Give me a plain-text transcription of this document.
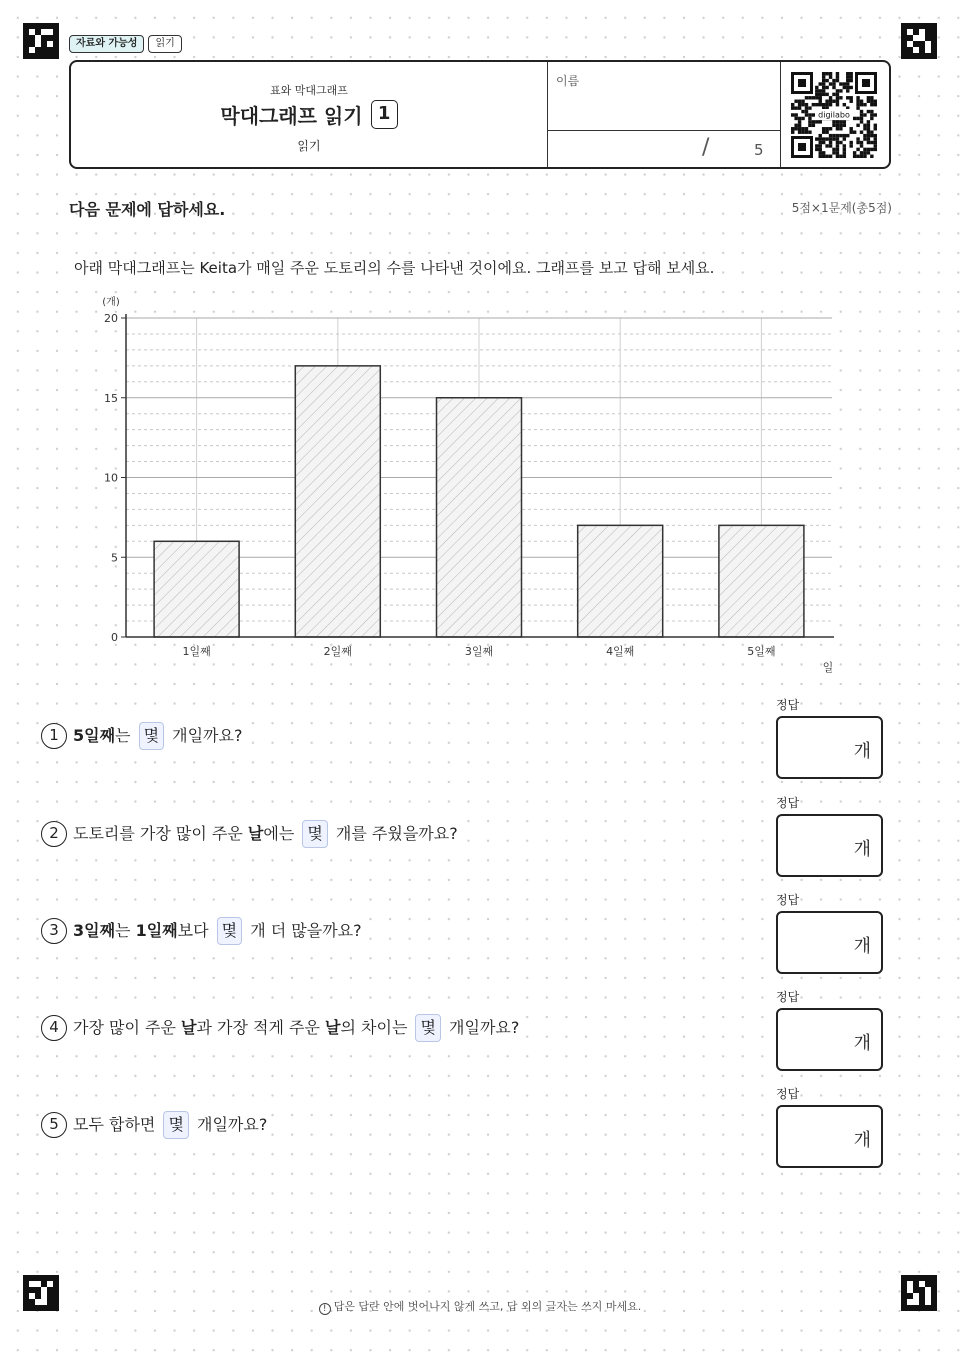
자료와 가능성	읽기
표와 막대그래프
막대그래프 읽기 1
읽기
이름
/	5
digilabo
다음 문제에 답하세요.	5점×1문제(총5점)
아래 막대그래프는 Keita가 매일 주운 도토리의 수를 나타낸 것이에요. 그래프를 보고 답해 보세요.
0
5
10
15
20
1일째	2일째	3일째	4일째	5일째
(개)
일
1 5일째는 몇 개일까요?
정답
개
2 도토리를 가장 많이 주운 날에는 몇 개를 주웠을까요?
정답
개
3 3일째는 1일째보다 몇 개 더 많을까요?
정답
개
4 가장 많이 주운 날과 가장 적게 주운 날의 차이는 몇 개일까요?
정답
개
5 모두 합하면 몇 개일까요?
정답
개
! 답은 답란 안에 벗어나지 않게 쓰고, 답 외의 글자는 쓰지 마세요.
